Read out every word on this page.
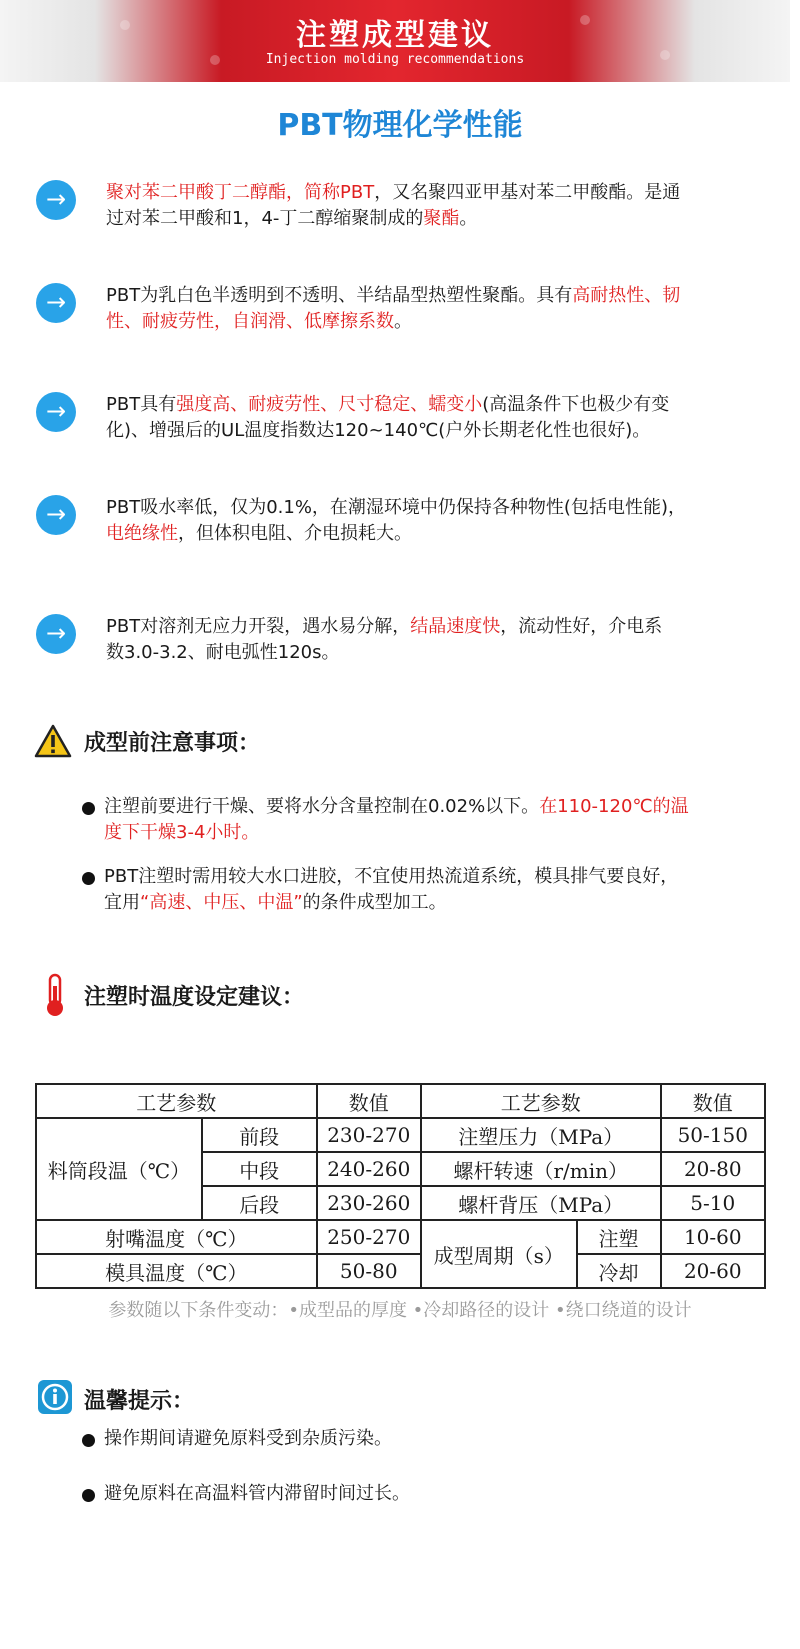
注塑成型建议
Injection molding recommendations
PBT物理化学性能
→	聚对苯二甲酸丁二醇酯，简称PBT，又名聚四亚甲基对苯二甲酸酯。是通
过对苯二甲酸和1，4-丁二醇缩聚制成的聚酯。
→	PBT为乳白色半透明到不透明、半结晶型热塑性聚酯。具有高耐热性、韧
性、耐疲劳性，自润滑、低摩擦系数。
→	PBT具有强度高、耐疲劳性、尺寸稳定、蠕变小(高温条件下也极少有变
化)、增强后的UL温度指数达120~140℃(户外长期老化性也很好)。
→	PBT吸水率低，仅为0.1%，在潮湿环境中仍保持各种物性(包括电性能)，
电绝缘性，但体积电阻、介电损耗大。
→	PBT对溶剂无应力开裂，遇水易分解，结晶速度快，流动性好，介电系
数3.0-3.2、耐电弧性120s。
成型前注意事项：
注塑前要进行干燥、要将水分含量控制在0.02%以下。在110-120℃的温
度下干燥3-4小时。
PBT注塑时需用较大水口进胶，不宜使用热流道系统，模具排气要良好，
宜用“高速、中压、中温”的条件成型加工。
注塑时温度设定建议：
工艺参数		数值	工艺参数		数值
料筒段温（℃）	前段	230-270	注塑压力（MPa）		50-150
	中段	240-260	螺杆转速（r/min）		20-80
	后段	230-260	螺杆背压（MPa）		5-10
射嘴温度（℃）		250-270	成型周期（s）	注塑	10-60
模具温度（℃）		50-80		冷却	20-60
参数随以下条件变动：•成型品的厚度 •冷却路径的设计 •绕口绕道的设计
温馨提示：
操作期间请避免原料受到杂质污染。
避免原料在高温料管内滞留时间过长。
